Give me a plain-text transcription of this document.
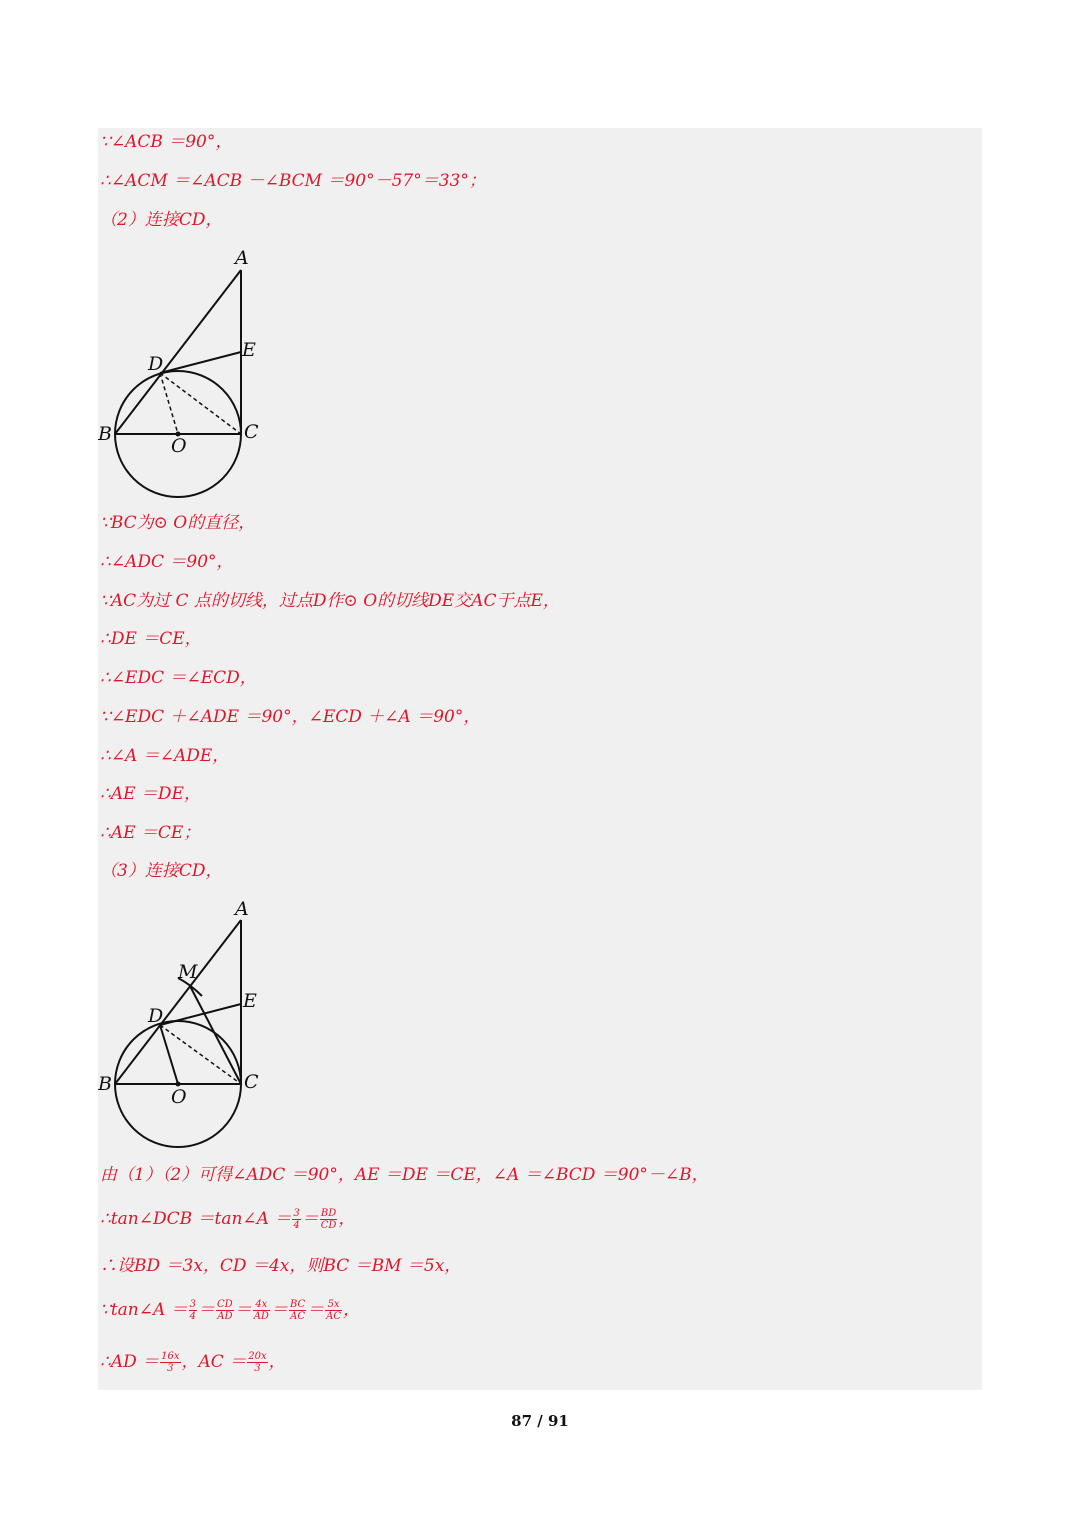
∵∠ACB ＝90°，
∴∠ACM ＝∠ACB －∠BCM ＝90°－57°＝33°；
（2）连接CD，
A
E
D
B	C
O
∵BC为⊙ O的直径，
∴∠ADC ＝90°，
∵AC为过 C 点的切线，过点D作⊙ O的切线DE交AC于点E，
∴DE ＝CE，
∴∠EDC ＝∠ECD，
∵∠EDC ＋∠ADE ＝90°，∠ECD ＋∠A ＝90°，
∴∠A ＝∠ADE，
∴AE ＝DE，
∴AE ＝CE；
（3）连接CD，
A
M
E
D
B	C
O
由（1）（2）可得∠ADC ＝90°，AE ＝DE ＝CE，∠A ＝∠BCD ＝90°－∠B，
∴tan∠DCB ＝tan∠A ＝ $\frac{3}{4} = \frac{BD}{CD}$ ，
∴设BD ＝3x，CD ＝4x，则BC ＝BM ＝5x，
∵tan∠A ＝ $\frac{3}{4} = \frac{CD}{AD} = \frac{4x}{AD} = \frac{BC}{AC} = \frac{5x}{AC}$ ，
∴AD ＝ $\frac{16x}{3}$ ，AC ＝ $\frac{20x}{3}$ ，
87 / 91
